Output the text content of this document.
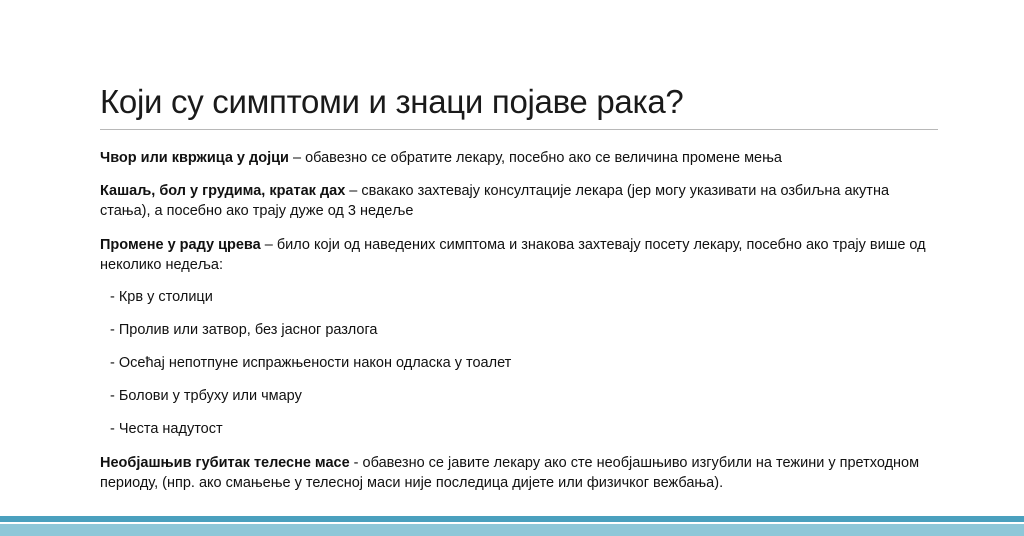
Који су симптоми и знаци појаве рака?

Чвор или квржица у дојци – обавезно се обратите лекару, посебно ако се величина промене мења

Кашаљ, бол у грудима, кратак дах – свакако захтевају консултације лекара (јер могу указивати на озбиљна акутна стања), а посебно ако трају дуже од 3 недеље

Промене у раду црева – било који од наведених симптома и знакова захтевају посету лекару, посебно ако трају више од неколико недеља:

- Крв у столици
- Пролив или затвор, без јасног разлога
- Осећај непотпуне испражњености након одласка у тоалет
- Болови у трбуху или чмару
- Честа надутост

Необјашњив губитак телесне масе - обавезно се јавите лекару ако сте необјашњиво изгубили на тежини у претходном периоду, (нпр. ако смањење у телесној маси није последица дијете или физичког вежбања).
